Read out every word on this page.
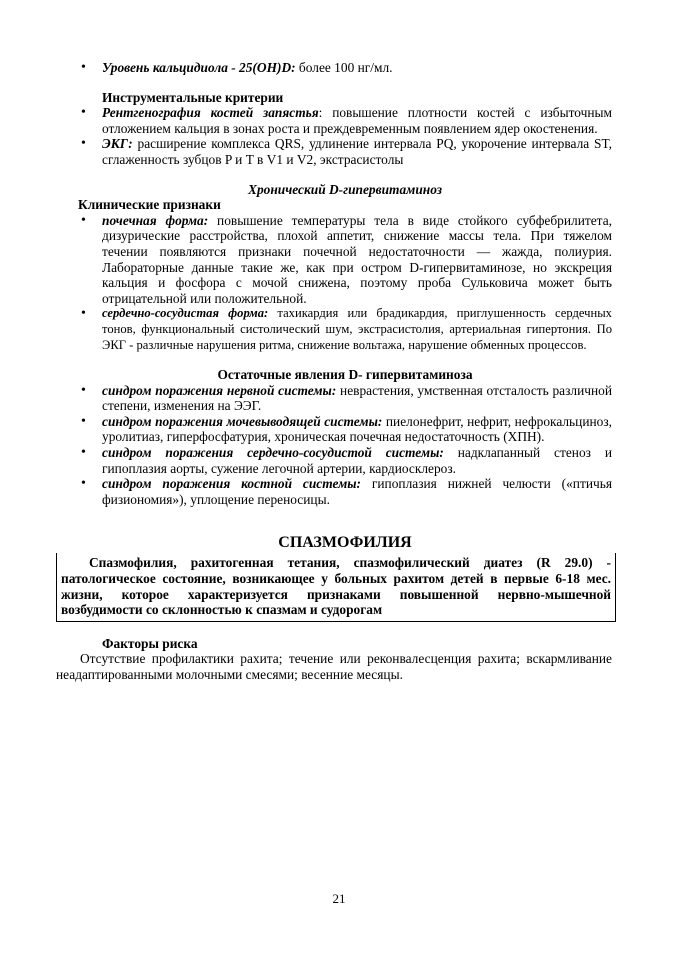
• Уровень кальцидиола - 25(OH)D: более 100 нг/мл.
Инструментальные критерии
• Рентгенография костей запястья: повышение плотности костей с избыточным отложением кальция в зонах роста и преждевременным появлением ядер окостенения.
• ЭКГ: расширение комплекса QRS, удлинение интервала PQ, укорочение интервала ST, сглаженность зубцов P и T в V1 и V2, экстрасистолы
Хронический D-гипервитаминоз
Клинические признаки
• почечная форма: повышение температуры тела в виде стойкого субфебрилитета, дизурические расстройства, плохой аппетит, снижение массы тела. При тяжелом течении появляются признаки почечной недостаточности — жажда, полиурия. Лабораторные данные такие же, как при остром D-гипервитаминозе, но экскреция кальция и фосфора с мочой снижена, поэтому проба Сульковича может быть отрицательной или положительной.
• сердечно-сосудистая форма: тахикардия или брадикардия, приглушенность сердечных тонов, функциональный систолический шум, экстрасистолия, артериальная гипертония. По ЭКГ - различные нарушения ритма, снижение вольтажа, нарушение обменных процессов.
Остаточные явления D- гипервитаминоза
• синдром поражения нервной системы: неврастения, умственная отсталость различной степени, изменения на ЭЭГ.
• синдром поражения мочевыводящей системы: пиелонефрит, нефрит, нефрокальциноз, уролитиаз, гиперфосфатурия, хроническая почечная недостаточность (ХПН).
• синдром поражения сердечно-сосудистой системы: надклапанный стеноз и гипоплазия аорты, сужение легочной артерии, кардиосклероз.
• синдром поражения костной системы: гипоплазия нижней челюсти («птичья физиономия»), уплощение переносицы.
СПАЗМОФИЛИЯ
Спазмофилия, рахитогенная тетания, спазмофилический диатез (R 29.0) - патологическое состояние, возникающее у больных рахитом детей в первые 6-18 мес. жизни, которое характеризуется признаками повышенной нервно-мышечной возбудимости со склонностью к спазмам и судорогам
Факторы риска
Отсутствие профилактики рахита; течение или реконвалесценция рахита; вскармливание неадаптированными молочными смесями; весенние месяцы.
21
